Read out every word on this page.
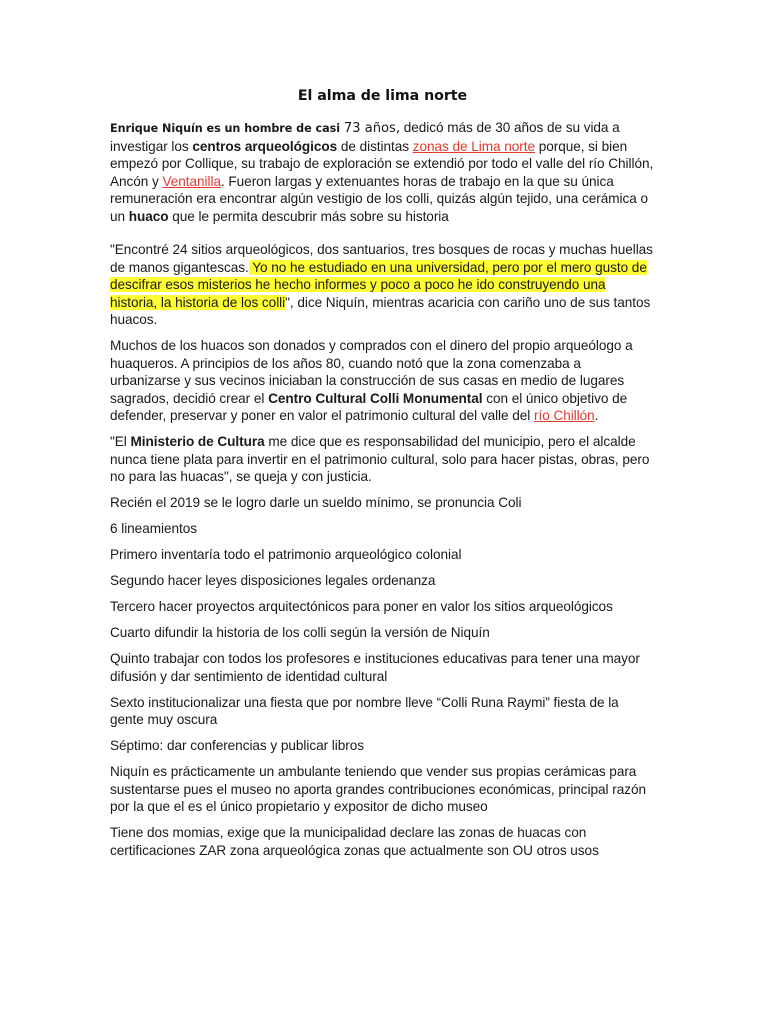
El alma de lima norte

Enrique Niquín es un hombre de casi 73 años, dedicó más de 30 años de su vida a investigar los centros arqueológicos de distintas zonas de Lima norte porque, si bien empezó por Collique, su trabajo de exploración se extendió por todo el valle del río Chillón, Ancón y Ventanilla. Fueron largas y extenuantes horas de trabajo en la que su única remuneración era encontrar algún vestigio de los colli, quizás algún tejido, una cerámica o un huaco que le permita descubrir más sobre su historia

"Encontré 24 sitios arqueológicos, dos santuarios, tres bosques de rocas y muchas huellas de manos gigantescas. Yo no he estudiado en una universidad, pero por el mero gusto de descifrar esos misterios he hecho informes y poco a poco he ido construyendo una historia, la historia de los colli", dice Niquín, mientras acaricia con cariño uno de sus tantos huacos.

Muchos de los huacos son donados y comprados con el dinero del propio arqueólogo a huaqueros. A principios de los años 80, cuando notó que la zona comenzaba a urbanizarse y sus vecinos iniciaban la construcción de sus casas en medio de lugares sagrados, decidió crear el Centro Cultural Colli Monumental con el único objetivo de defender, preservar y poner en valor el patrimonio cultural del valle del río Chillón.

"El Ministerio de Cultura me dice que es responsabilidad del municipio, pero el alcalde nunca tiene plata para invertir en el patrimonio cultural, solo para hacer pistas, obras, pero no para las huacas", se queja y con justicia.

Recién el 2019 se le logro darle un sueldo mínimo, se pronuncia Coli

6 lineamientos

Primero inventaría todo el patrimonio arqueológico colonial

Segundo hacer leyes disposiciones legales ordenanza

Tercero hacer proyectos arquitectónicos para poner en valor los sitios arqueológicos

Cuarto difundir la historia de los colli según la versión de Niquín

Quinto trabajar con todos los profesores e instituciones educativas para tener una mayor difusión y dar sentimiento de identidad cultural

Sexto institucionalizar una fiesta que por nombre lleve “Colli Runa Raymi” fiesta de la gente muy oscura

Séptimo: dar conferencias y publicar libros

Niquín es prácticamente un ambulante teniendo que vender sus propias cerámicas para sustentarse pues el museo no aporta grandes contribuciones económicas, principal razón por la que el es el único propietario y expositor de dicho museo

Tiene dos momias, exige que la municipalidad declare las zonas de huacas con certificaciones ZAR zona arqueológica zonas que actualmente son OU otros usos
